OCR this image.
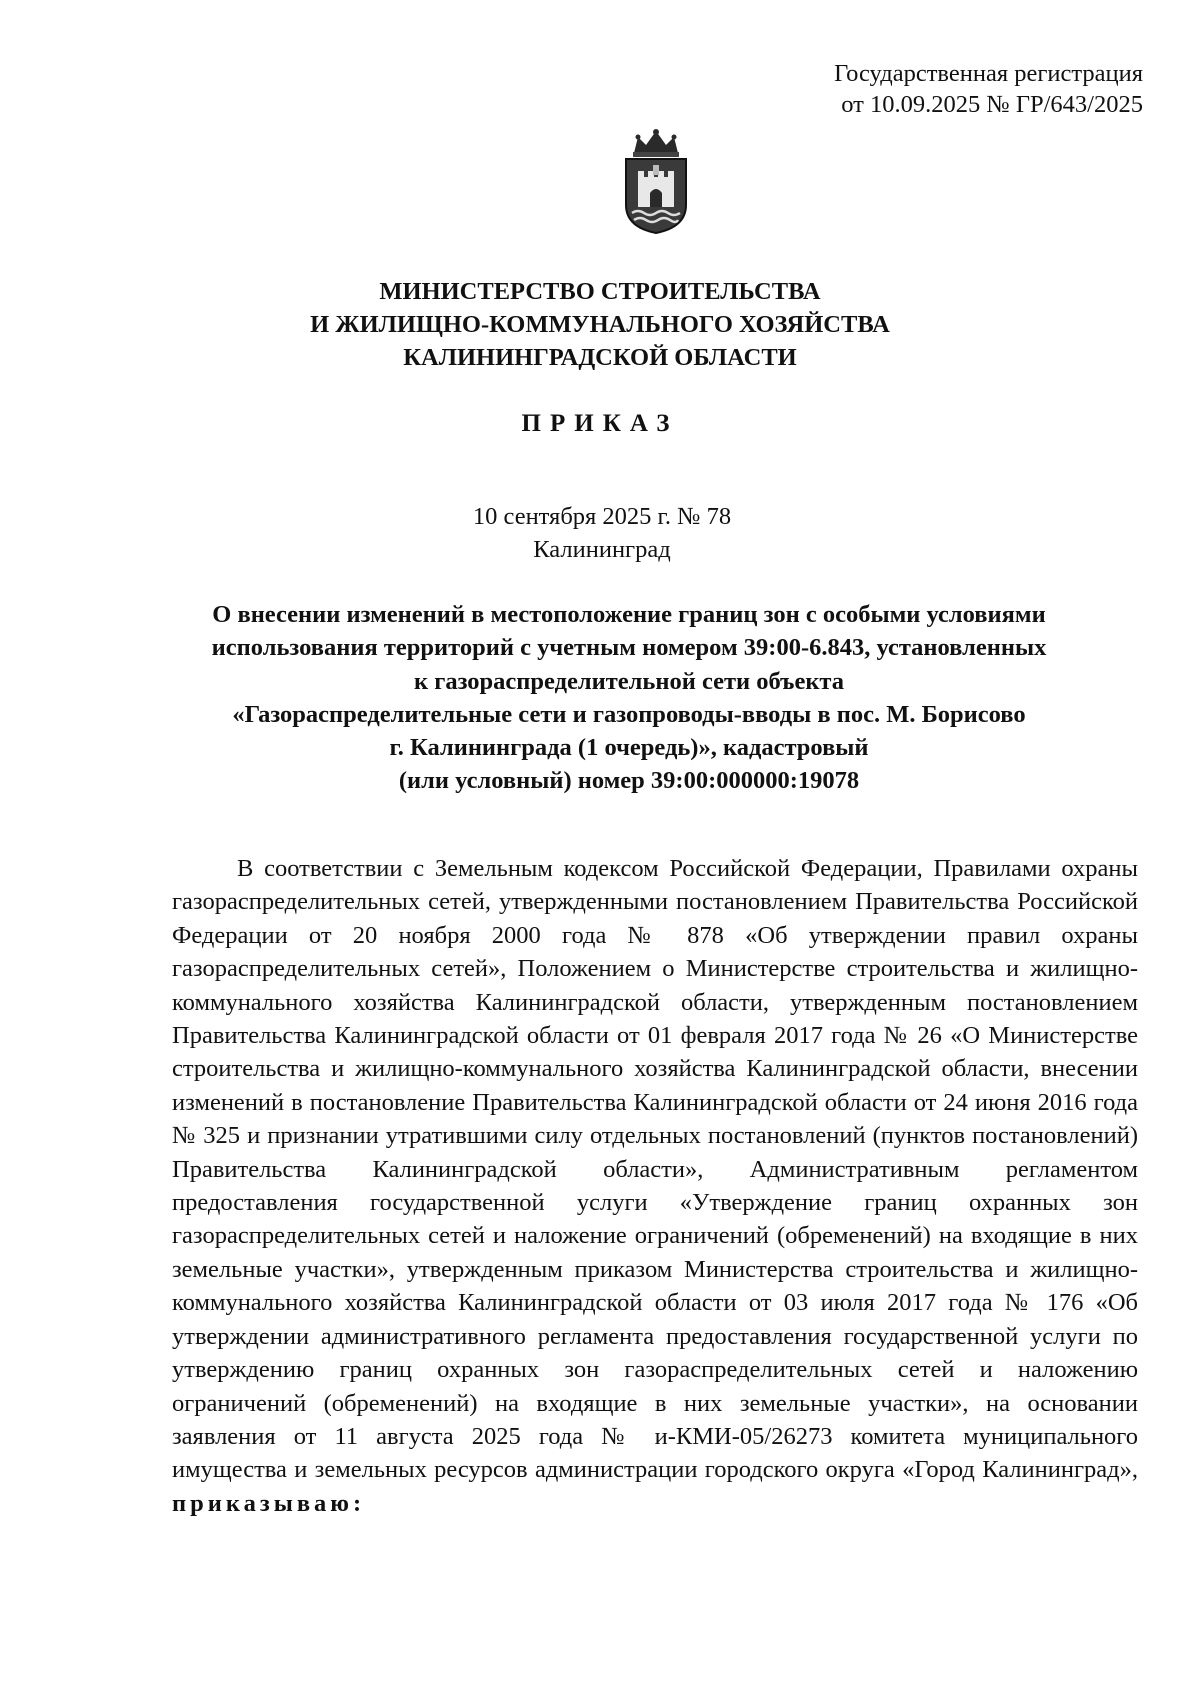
Государственная регистрация
от 10.09.2025 № ГР/643/2025
МИНИСТЕРСТВО СТРОИТЕЛЬСТВА
И ЖИЛИЩНО-КОММУНАЛЬНОГО ХОЗЯЙСТВА
КАЛИНИНГРАДСКОЙ ОБЛАСТИ
ПРИКАЗ
10 сентября 2025 г. № 78
Калининград
О внесении изменений в местоположение границ зон с особыми условиями
использования территорий с учетным номером 39:00-6.843, установленных
к газораспределительной сети объекта
«Газораспределительные сети и газопроводы-вводы в пос. М. Борисово
г. Калининграда (1 очередь)», кадастровый
(или условный) номер 39:00:000000:19078

В соответствии с Земельным кодексом Российской Федерации, Правилами охраны газораспределительных сетей, утвержденными постановлением Правительства Российской Федерации от 20 ноября 2000 года № 878 «Об утверждении правил охраны газораспределительных сетей», Положением о Министерстве строительства и жилищно-коммунального хозяйства Калининградской области, утвержденным постановлением Правительства Калининградской области от 01 февраля 2017 года № 26 «О Министерстве строительства и жилищно-коммунального хозяйства Калининградской области, внесении изменений в постановление Правительства Калининградской области от 24 июня 2016 года № 325 и признании утратившими силу отдельных постановлений (пунктов постановлений) Правительства Калининградской области», Административным регламентом предоставления государственной услуги «Утверждение границ охранных зон газораспределительных сетей и наложение ограничений (обременений) на входящие в них земельные участки», утвержденным приказом Министерства строительства и жилищно-коммунального хозяйства Калининградской области от 03 июля 2017 года № 176 «Об утверждении административного регламента предоставления государственной услуги по утверждению границ охранных зон газораспределительных сетей и наложению ограничений (обременений) на входящие в них земельные участки», на основании заявления от 11 августа 2025 года № и-КМИ-05/26273 комитета муниципального имущества и земельных ресурсов администрации городского округа «Город Калининград», приказываю:
